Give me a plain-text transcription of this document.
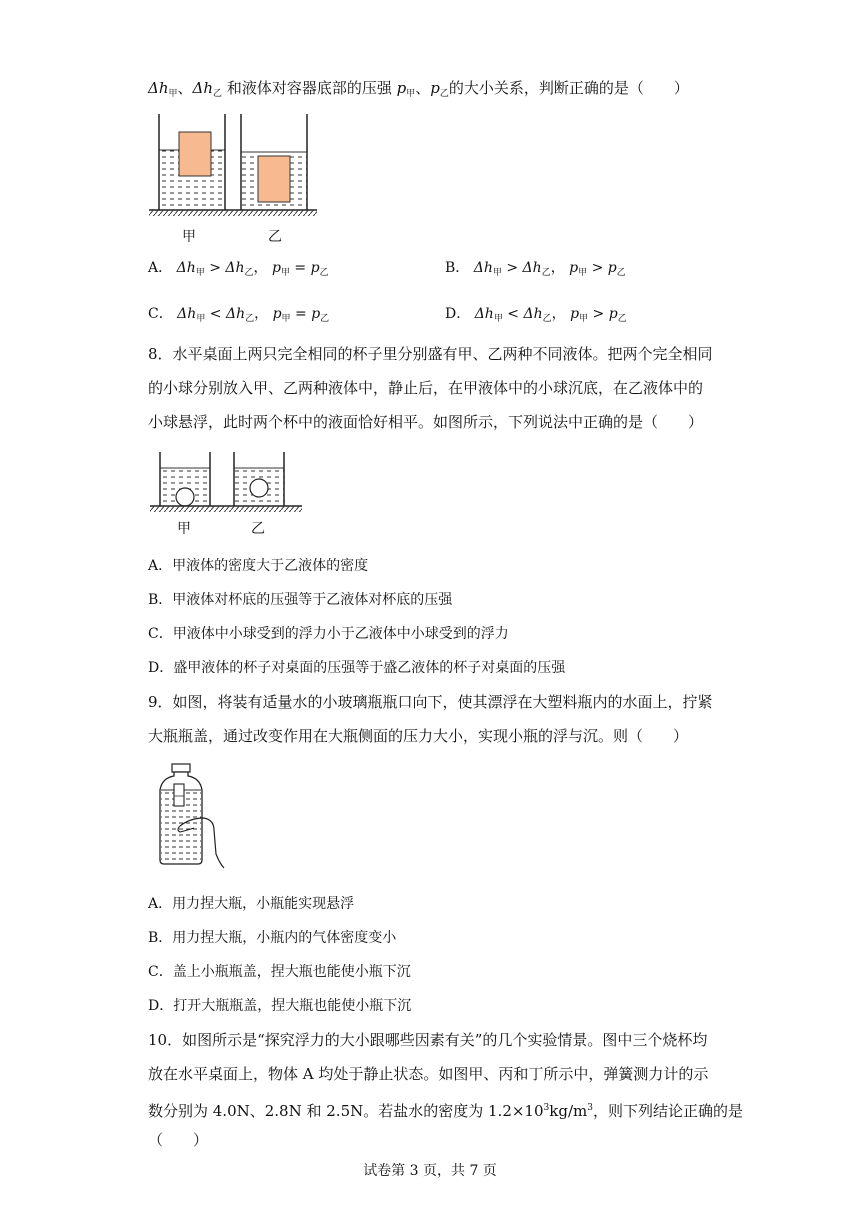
$\Delta h_甲$、$\Delta h_乙$ 和液体对容器底部的压强 $p_甲$、$p_乙$的大小关系，判断正确的是（　　）
甲	乙
A． $\Delta h_甲 > \Delta h_乙$， $p_甲 = p_乙$	B． $\Delta h_甲 > \Delta h_乙$， $p_甲 > p_乙$
C． $\Delta h_甲 < \Delta h_乙$， $p_甲 = p_乙$	D． $\Delta h_甲 < \Delta h_乙$， $p_甲 > p_乙$
8．水平桌面上两只完全相同的杯子里分别盛有甲、乙两种不同液体。把两个完全相同
的小球分别放入甲、乙两种液体中，静止后，在甲液体中的小球沉底，在乙液体中的
小球悬浮，此时两个杯中的液面恰好相平。如图所示，下列说法中正确的是（　　）
甲	乙
A．甲液体的密度大于乙液体的密度
B．甲液体对杯底的压强等于乙液体对杯底的压强
C．甲液体中小球受到的浮力小于乙液体中小球受到的浮力
D．盛甲液体的杯子对桌面的压强等于盛乙液体的杯子对桌面的压强
9．如图，将装有适量水的小玻璃瓶瓶口向下，使其漂浮在大塑料瓶内的水面上，拧紧
大瓶瓶盖，通过改变作用在大瓶侧面的压力大小，实现小瓶的浮与沉。则（　　）
A．用力捏大瓶，小瓶能实现悬浮
B．用力捏大瓶，小瓶内的气体密度变小
C．盖上小瓶瓶盖，捏大瓶也能使小瓶下沉
D．打开大瓶瓶盖，捏大瓶也能使小瓶下沉
10．如图所示是“探究浮力的大小跟哪些因素有关”的几个实验情景。图中三个烧杯均
放在水平桌面上，物体 A 均处于静止状态。如图甲、丙和丁所示中，弹簧测力计的示
数分别为 4.0N、2.8N 和 2.5N。若盐水的密度为 $1.2\times 10^3kg/m^3$，则下列结论正确的是
（　　）
试卷第 3 页，共 7 页
